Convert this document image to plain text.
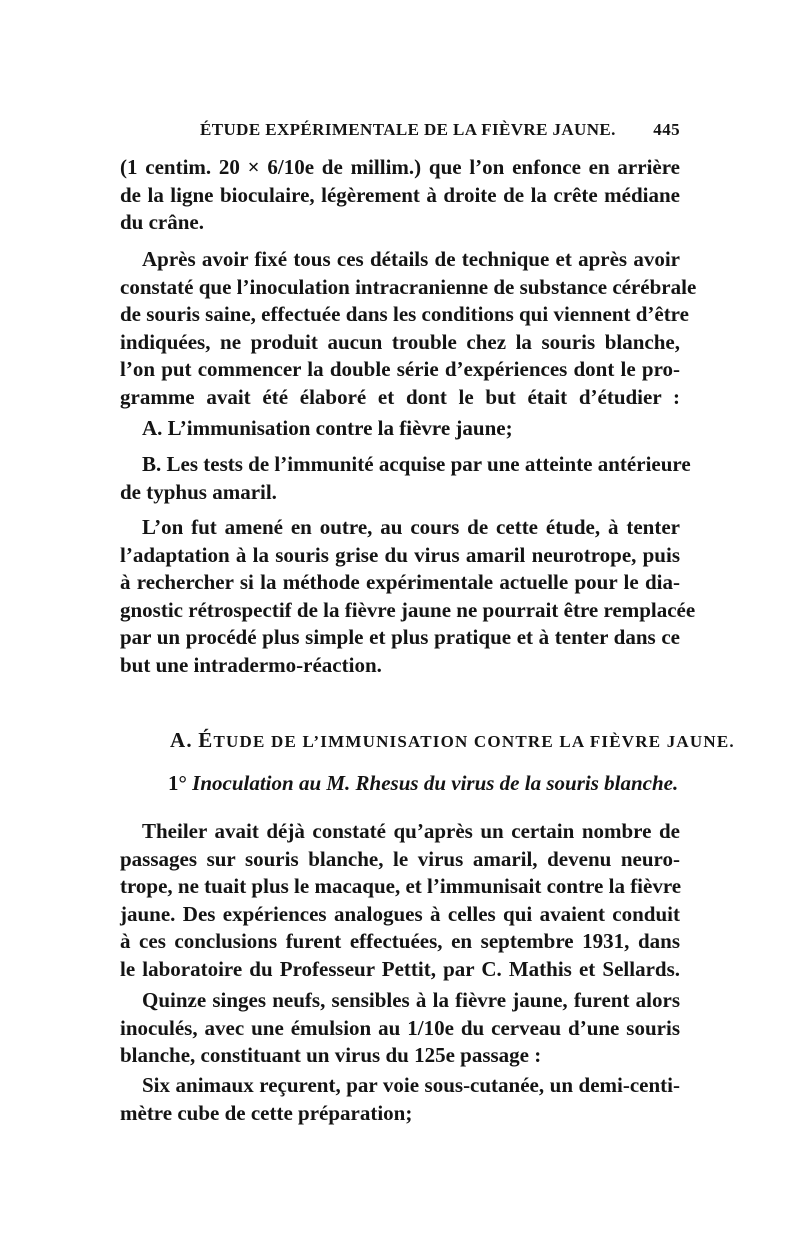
ÉTUDE EXPÉRIMENTALE DE LA FIÈVRE JAUNE. 445
(1 centim. 20 × 6/10e de millim.) que l’on enfonce en arrière
de la ligne bioculaire, légèrement à droite de la crête médiane
du crâne.
Après avoir fixé tous ces détails de technique et après avoir
constaté que l’inoculation intracranienne de substance cérébrale
de souris saine, effectuée dans les conditions qui viennent d’être
indiquées, ne produit aucun trouble chez la souris blanche,
l’on put commencer la double série d’expériences dont le pro-
gramme avait été élaboré et dont le but était d’étudier :
A. L’immunisation contre la fièvre jaune;
B. Les tests de l’immunité acquise par une atteinte antérieure
de typhus amaril.
L’on fut amené en outre, au cours de cette étude, à tenter
l’adaptation à la souris grise du virus amaril neurotrope, puis
à rechercher si la méthode expérimentale actuelle pour le dia-
gnostic rétrospectif de la fièvre jaune ne pourrait être remplacée
par un procédé plus simple et plus pratique et à tenter dans ce
but une intradermo-réaction.
A. ÉTUDE DE L’IMMUNISATION CONTRE LA FIÈVRE JAUNE.
1° Inoculation au M. Rhesus du virus de la souris blanche.
Theiler avait déjà constaté qu’après un certain nombre de
passages sur souris blanche, le virus amaril, devenu neuro-
trope, ne tuait plus le macaque, et l’immunisait contre la fièvre
jaune. Des expériences analogues à celles qui avaient conduit
à ces conclusions furent effectuées, en septembre 1931, dans
le laboratoire du Professeur Pettit, par C. Mathis et Sellards.
Quinze singes neufs, sensibles à la fièvre jaune, furent alors
inoculés, avec une émulsion au 1/10e du cerveau d’une souris
blanche, constituant un virus du 125e passage :
Six animaux reçurent, par voie sous-cutanée, un demi-centi-
mètre cube de cette préparation;
